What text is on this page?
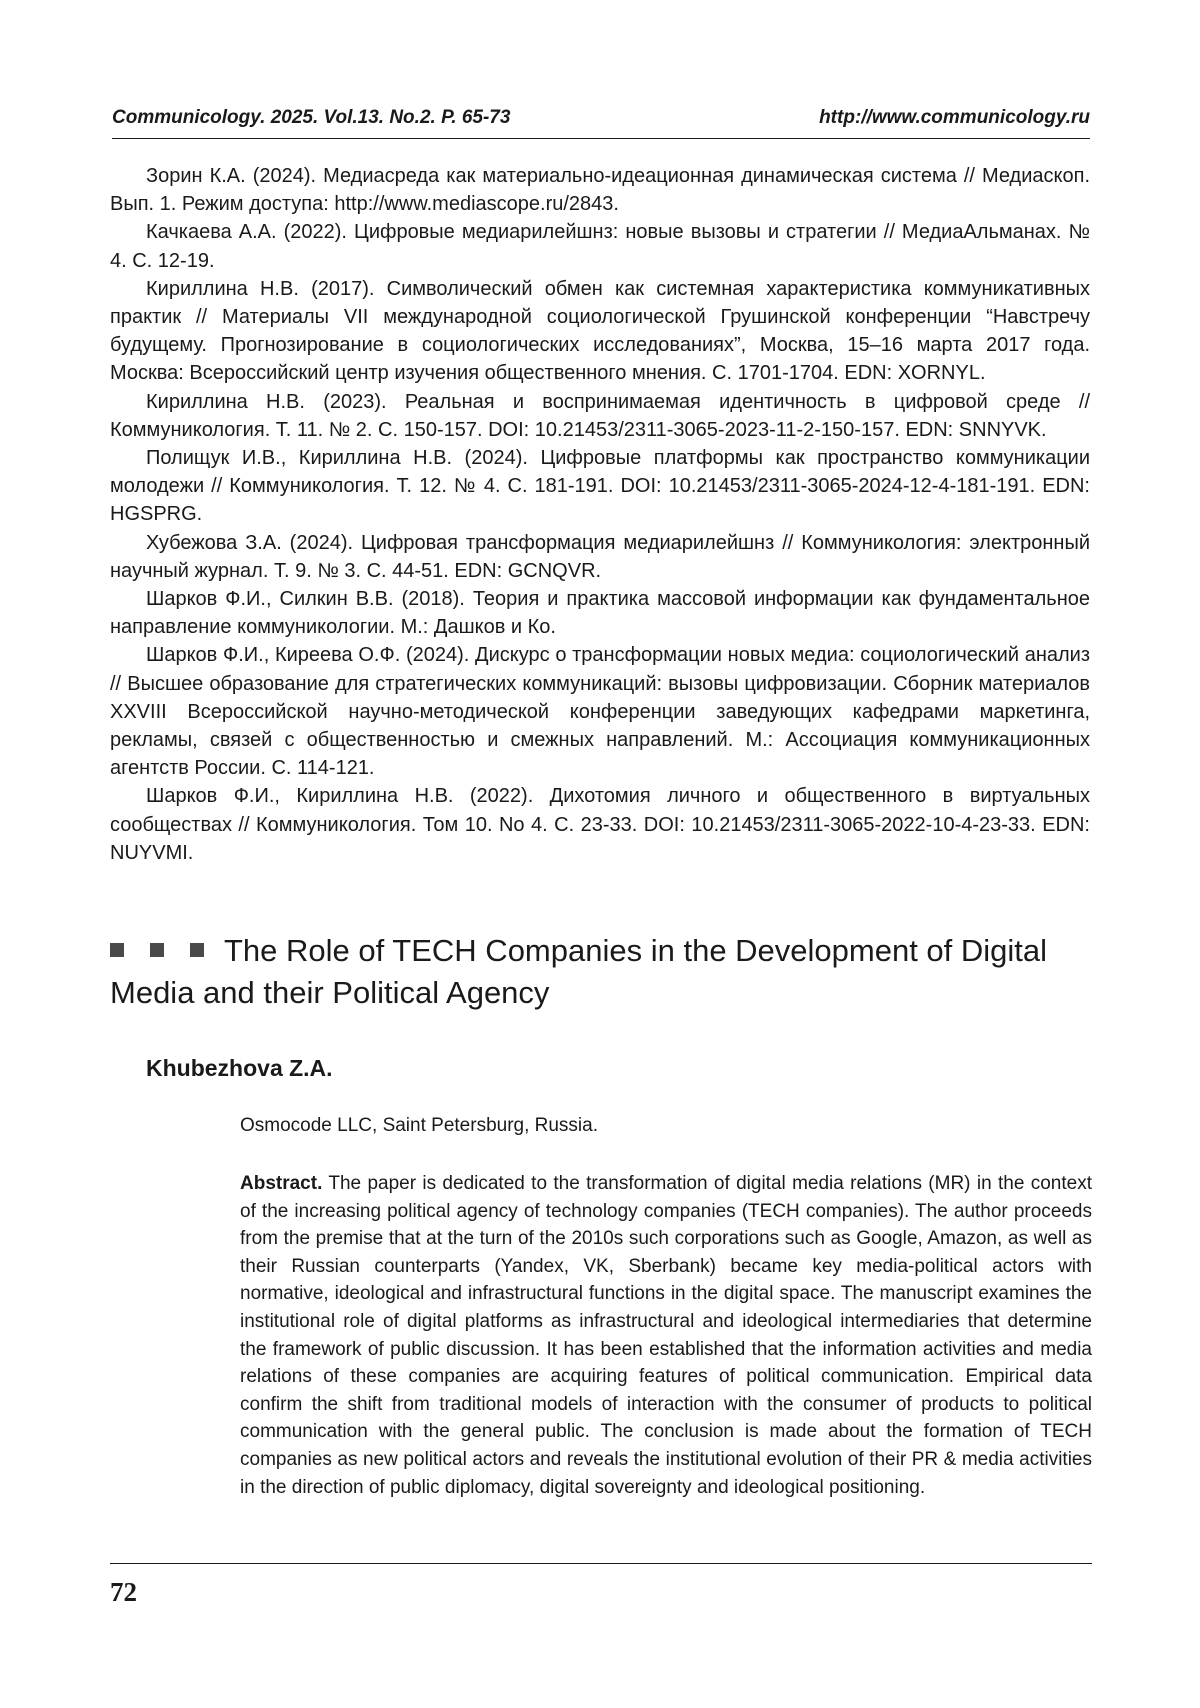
Communicology. 2025. Vol.13. No.2. P. 65-73	http://www.communicology.ru

Зорин К.А. (2024). Медиасреда как материально-идеационная динамическая система // Медиаскоп. Вып. 1. Режим доступа: http://www.mediascope.ru/2843.

Качкаева А.А. (2022). Цифровые медиарилейшнз: новые вызовы и стратегии // МедиаАльманах. № 4. С. 12-19.

Кириллина Н.В. (2017). Символический обмен как системная характеристика коммуникативных практик // Материалы VII международной социологической Грушинской конференции “Навстречу будущему. Прогнозирование в социологических исследованиях”, Москва, 15–16 марта 2017 года. Москва: Всероссийский центр изучения общественного мнения. С. 1701-1704. EDN: XORNYL.

Кириллина Н.В. (2023). Реальная и воспринимаемая идентичность в цифровой среде // Коммуникология. Т. 11. № 2. С. 150-157. DOI: 10.21453/2311-3065-2023-11-2-150-157. EDN: SNNYVK.

Полищук И.В., Кириллина Н.В. (2024). Цифровые платформы как пространство коммуникации молодежи // Коммуникология. Т. 12. № 4. С. 181-191. DOI: 10.21453/2311-3065-2024-12-4-181-191. EDN: HGSPRG.

Хубежова З.А. (2024). Цифровая трансформация медиарилейшнз // Коммуникология: электронный научный журнал. Т. 9. № 3. С. 44-51. EDN: GCNQVR.

Шарков Ф.И., Силкин В.В. (2018). Теория и практика массовой информации как фундаментальное направление коммуникологии. М.: Дашков и Ко.

Шарков Ф.И., Киреева О.Ф. (2024). Дискурс о трансформации новых медиа: социологический анализ // Высшее образование для стратегических коммуникаций: вызовы цифровизации. Сборник материалов XXVIII Всероссийской научно-методической конференции заведующих кафедрами маркетинга, рекламы, связей с общественностью и смежных направлений. М.: Ассоциация коммуникационных агентств России. С. 114-121.

Шарков Ф.И., Кириллина Н.В. (2022). Дихотомия личного и общественного в виртуальных сообществах // Коммуникология. Том 10. No 4. С. 23-33. DOI: 10.21453/2311-3065-2022-10-4-23-33. EDN: NUYVMI.

The Role of TECH Companies in the Development of Digital Media and their Political Agency

Khubezhova Z.A.

Osmocode LLC, Saint Petersburg, Russia.

Abstract. The paper is dedicated to the transformation of digital media relations (MR) in the context of the increasing political agency of technology companies (TECH companies). The author proceeds from the premise that at the turn of the 2010s such corporations such as Google, Amazon, as well as their Russian counterparts (Yandex, VK, Sberbank) became key media-political actors with normative, ideological and infrastructural functions in the digital space. The manuscript examines the institutional role of digital platforms as infrastructural and ideological intermediaries that determine the framework of public discussion. It has been established that the information activities and media relations of these companies are acquiring features of political communication. Empirical data confirm the shift from traditional models of interaction with the consumer of products to political communication with the general public. The conclusion is made about the formation of TECH companies as new political actors and reveals the institutional evolution of their PR & media activities in the direction of public diplomacy, digital sovereignty and ideological positioning.

72
